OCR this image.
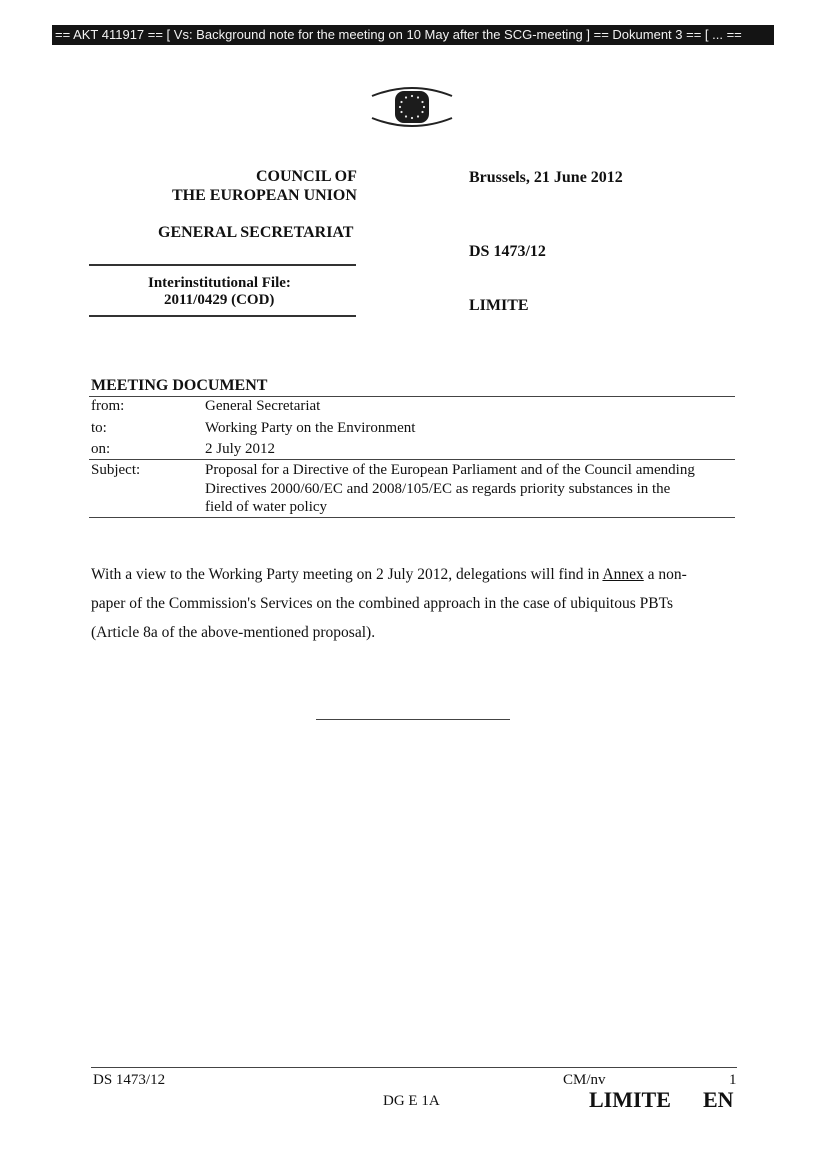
== AKT 411917 == [ Vs: Background note for the meeting on 10 May after the SCG-meeting ] == Dokument 3 == [ ... ==
COUNCIL OF
THE EUROPEAN UNION
GENERAL SECRETARIAT
Interinstitutional File:
2011/0429 (COD)
Brussels, 21 June 2012
DS 1473/12
LIMITE
MEETING DOCUMENT
from:	General Secretariat
to:	Working Party on the Environment
on:	2 July 2012
Subject:	Proposal for a Directive of the European Parliament and of the Council amending
Directives 2000/60/EC and 2008/105/EC as regards priority substances in the
field of water policy
With a view to the Working Party meeting on 2 July 2012, delegations will find in Annex a non-
paper of the Commission's Services on the combined approach in the case of ubiquitous PBTs
(Article 8a of the above-mentioned proposal).
DS 1473/12	CM/nv	1
DG E 1A	LIMITE EN
